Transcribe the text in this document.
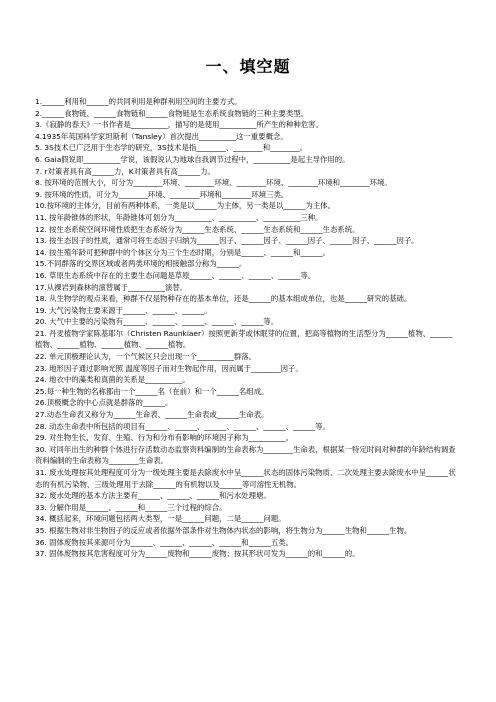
一、填空题

1.______利用和______的共同利用是种群利用空间的主要方式。

2.______食物链、______食物链和______食物链是生态系统食物链的三种主要类型。

3.《寂静的春天》一书作者是__________，描写的是使用__________所产生的种种危害。

4.1935年英国科学家坦斯利（Tansley）首次提出__________这一重要概念。

5. 3S技术已广泛用于生态学的研究，3S技术是指________、________和________。

6. Gaia假说即__________学说，该假说认为地球自我调节过程中，__________是起主导作用的。

7. r对策者具有高______力，K对策者具有高______力。

8. 按环境的范围大小，可分为________环境、________环境、________环境、________环境和________环境。

9. 按环境的性质，可分为________环境、________环境和________环境三类。

10.按环境的主体分，目前有两种体系，一类是以______为主体，另一类是以______为主体。

11. 按年龄锥体的形状，年龄锥体可划分为__________、__________、__________三种。

12. 按生态系统空间环境性质把生态系统分为______生态系统、______生态系统和______生态系统。

13. 按生态因子的性质，通常可将生态因子归纳为______因子、______因子、______因子、______因子、______因子。

14. 按生殖年龄可把种群中的个体区分为三个生态时期，分别是______、______和______。

15.不同群落的交界区域或者两类环境的相接触部分称为______。

16. 草原生态系统中存在的主要生态问题是草原______、______、______、______等。

17.从裸岩到森林的演替属于__________演替。

18. 从生物学的观点来看，种群不仅是物种存在的基本单位，还是______的基本组成单位，也是______研究的基础。

19. 大气污染物主要来源于______、______、______。

20. 大气中主要的污染物有______、______、______、______、______等。

21. 丹麦植物学家陈基耶尔（Christen Raunkiaer）按照更新芽或休眠芽的位置，把高等植物的生活型分为______植物、______植物、______植物、______植物、______植物。

22. 单元顶极理论认为，一个气候区只会出现一个__________群落。

23. 地形因子通过影响光照 温度等因子而对生物起作用，因而属于________因子。

24. 地衣中的藻类和真菌的关系是__________。

25.每一种生物的名称都由一个______名（在前）和一个______名组成。

26.顶极概念的中心点就是群落的______。

27.动态生命表又称分为______生命表、______生命表或______生命表。

28. 动态生命表中所包括的项目有______、______、______、______、______、______等。

29. 对生物生长、发育、生殖、行为和分布有影响的环境因子称为__________。

30. 对同年出生的种群个体进行存活数动态监察资料编制的生命表称为________生命表，根据某一特定时间对种群的年龄结构调查资料编制的生命表称为________生命表。

31. 废水处理按其处理程度可分为一级处理主要是去除废水中呈______状态的固体污染物质、二次处理主要去除废水中呈______状态的有机污染物、三级处理用于去除______的有机物以及______等可溶性无机物。

32. 废水处理的基本方法主要有______、______、______和污水处理塘。

33. 分解作用是______、______和______三个过程的综合。

34. 概括起来，环境问题包括两大类型，一是______问题，二是______问题。

35. 根据生物对非生物因子的反应或者依据外部条件对生物体内状态的影响，将生物分为______生物和______生物。

36. 固体废物按其来源可分为______、______、______、______和______五类。

37. 固体废物按其危害程度可分为______废物和______废物；按其形状可发为______的和______的。
